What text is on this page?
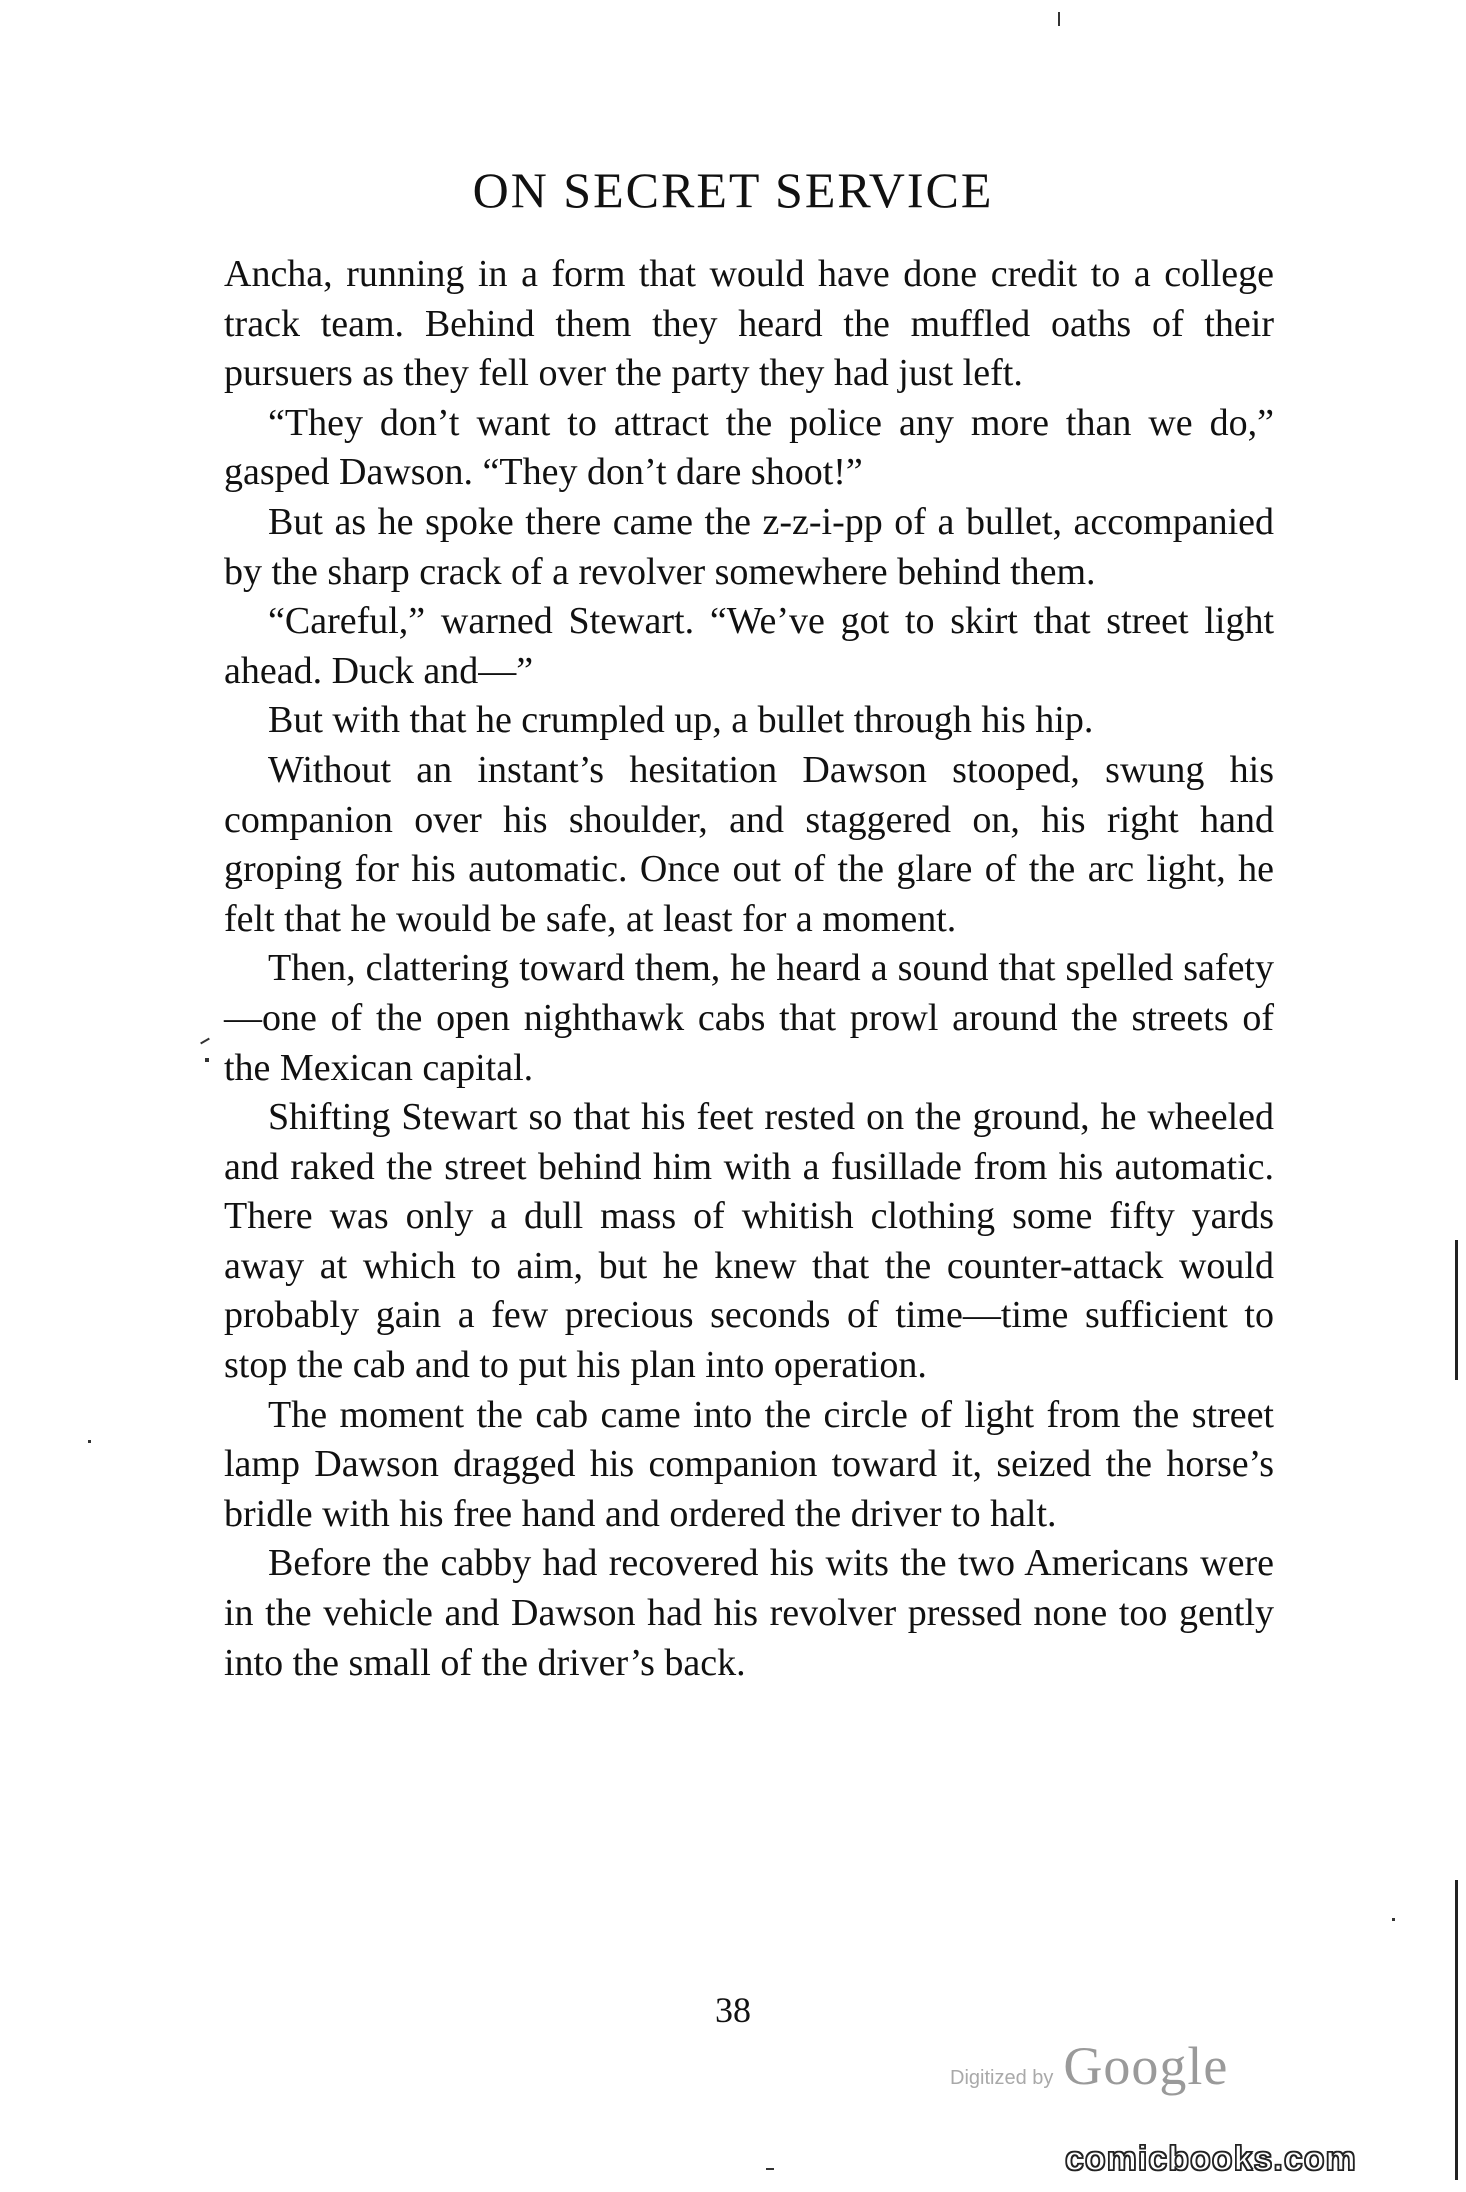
ON SECRET SERVICE

Ancha, running in a form that would have done credit to a college track team. Behind them they heard the muffled oaths of their pursuers as they fell over the party they had just left.

“They don’t want to attract the police any more than we do,” gasped Dawson. “They don’t dare shoot!”

But as he spoke there came the z-z-i-pp of a bullet, accompanied by the sharp crack of a revolver somewhere behind them.

“Careful,” warned Stewart. “We’ve got to skirt that street light ahead. Duck and—”

But with that he crumpled up, a bullet through his hip.

Without an instant’s hesitation Dawson stooped, swung his companion over his shoulder, and staggered on, his right hand groping for his automatic. Once out of the glare of the arc light, he felt that he would be safe, at least for a moment.

Then, clattering toward them, he heard a sound that spelled safety—one of the open nighthawk cabs that prowl around the streets of the Mexican capital.

Shifting Stewart so that his feet rested on the ground, he wheeled and raked the street behind him with a fusillade from his automatic. There was only a dull mass of whitish clothing some fifty yards away at which to aim, but he knew that the counter-attack would probably gain a few precious seconds of time—time sufficient to stop the cab and to put his plan into operation.

The moment the cab came into the circle of light from the street lamp Dawson dragged his companion toward it, seized the horse’s bridle with his free hand and ordered the driver to halt.

Before the cabby had recovered his wits the two Americans were in the vehicle and Dawson had his revolver pressed none too gently into the small of the driver’s back.

38
Digitized by Google
comicbooks.com
